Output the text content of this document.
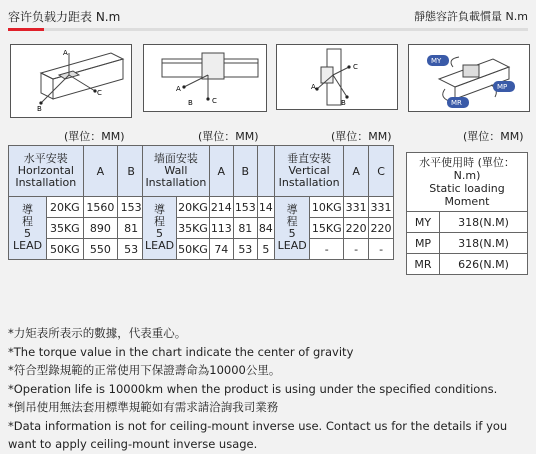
容许负载力距表 N.m	靜態容許負載慣量 N.m
C
A
B
A
C
B
C
A
B
MY
MP
MR
(單位：MM)	(單位：MM)	(單位：MM)	(單位：MM)
水平安裝
Horlzontal
Installation		A	B	

導
程
5
LEAD	20KG	1560	153	
	35KG	890	81	
	50KG	550	53	
墙面安装
Wall
Installation		A	B	

導
程
5
LEAD	20KG	214	153	14
	35KG	113	81	84
	50KG	74	53	5
垂直安裝
Vertical
Installation		A	C

導
程
5
LEAD	10KG	331	331
	15KG	220	220
	-	-	-
水平使用時 (單位：
N.m)
Static loading
Moment	

MY	318(N.M)
MP	318(N.M)
MR	626(N.M)
*力矩表所表示的數據，代表重心。
*The torque value in the chart indicate the center of gravity
*符合型錄規範的正常使用下保證壽命為10000公里。
*Operation life is 10000km when the product is using under the specified conditions.
*倒吊使用無法套用標準規範如有需求請洽詢我司業務
*Data information is not for ceiling-mount inverse use. Contact us for the details if you
want to apply ceiling-mount inverse usage.
